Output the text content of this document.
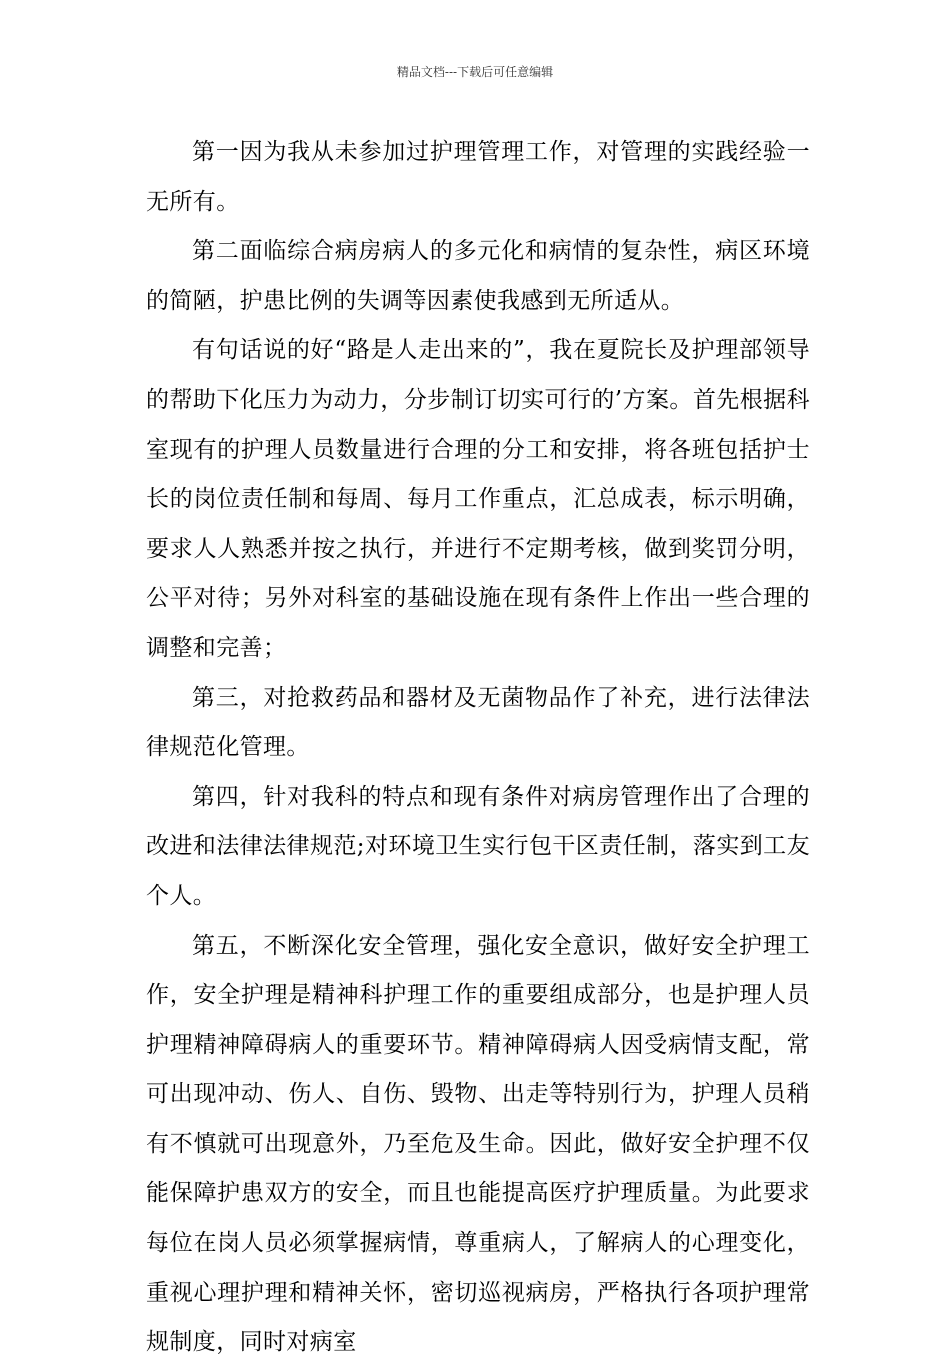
精品文档---下载后可任意编辑

第一因为我从未参加过护理管理工作，对管理的实践经验一无所有。

第二面临综合病房病人的多元化和病情的复杂性，病区环境的简陋，护患比例的失调等因素使我感到无所适从。

有句话说的好“路是人走出来的”，我在夏院长及护理部领导的帮助下化压力为动力，分步制订切实可行的’方案。首先根据科室现有的护理人员数量进行合理的分工和安排，将各班包括护士长的岗位责任制和每周、每月工作重点，汇总成表，标示明确，要求人人熟悉并按之执行，并进行不定期考核，做到奖罚分明，公平对待；另外对科室的基础设施在现有条件上作出一些合理的调整和完善；

第三，对抢救药品和器材及无菌物品作了补充，进行法律法律规范化管理。

第四，针对我科的特点和现有条件对病房管理作出了合理的改进和法律法律规范;对环境卫生实行包干区责任制，落实到工友个人。

第五，不断深化安全管理，强化安全意识，做好安全护理工作，安全护理是精神科护理工作的重要组成部分，也是护理人员护理精神障碍病人的重要环节。精神障碍病人因受病情支配，常可出现冲动、伤人、自伤、毁物、出走等特别行为，护理人员稍有不慎就可出现意外，乃至危及生命。因此，做好安全护理不仅能保障护患双方的安全，而且也能提高医疗护理质量。为此要求每位在岗人员必须掌握病情，尊重病人，了解病人的心理变化，重视心理护理和精神关怀，密切巡视病房，严格执行各项护理常规制度，同时对病室
